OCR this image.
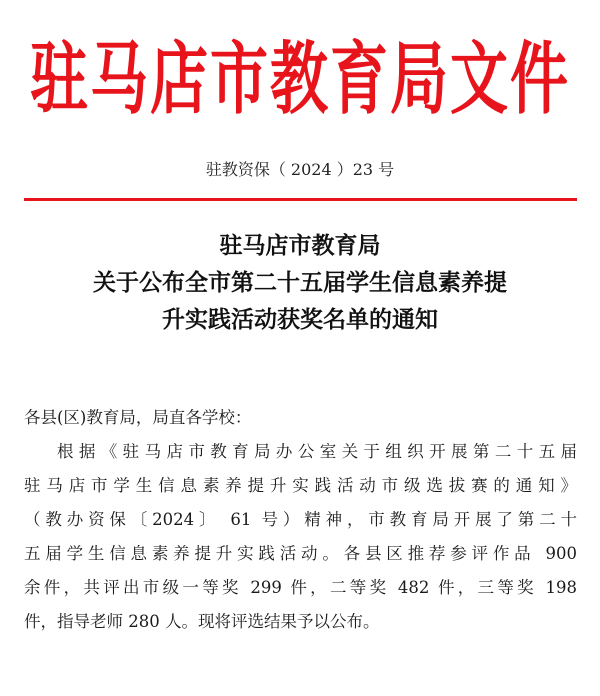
驻马店市教育局文件
驻教资保（ 2024 ）23 号
驻马店市教育局
关于公布全市第二十五届学生信息素养提
升实践活动获奖名单的通知
各县(区)教育局，局直各学校：
根据《驻马店市教育局办公室关于组织开展第二十五届
驻马店市学生信息素养提升实践活动市级选拔赛的通知》
（教办资保〔2024〕 61 号）精神，市教育局开展了第二十
五届学生信息素养提升实践活动。各县区推荐参评作品 900
余件，共评出市级一等奖 299 件，二等奖 482 件，三等奖 198
件，指导老师 280 人。现将评选结果予以公布。
